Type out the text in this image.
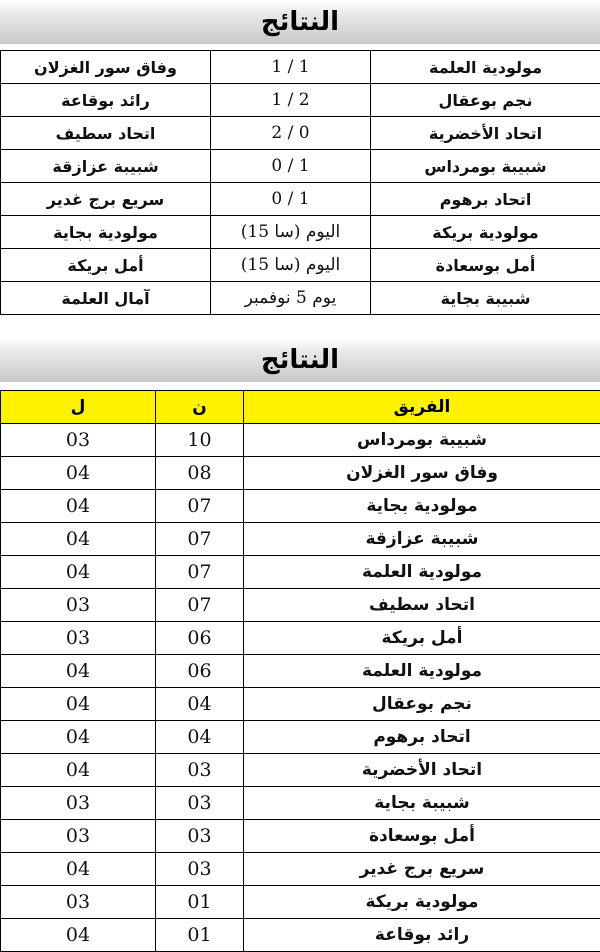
النتائج
وفاق سور الغزلان	1 / 1	مولودية العلمة
رائد بوقاعة	2 / 1	نجم بوعقال
اتحاد سطيف	0 / 2	اتحاد الأخضرية
شبيبة عزازقة	1 / 0	شبيبة بومرداس
سريع برج غدير	1 / 0	اتحاد برهوم
مولودية بجاية	اليوم (سا 15)	مولودية بريكة
أمل بريكة	اليوم (سا 15)	أمل بوسعادة
آمال العلمة	يوم 5 نوفمبر	شبيبة بجاية
النتائج
ل	ن	الفريق
03	10	شبيبة بومرداس
04	08	وفاق سور الغزلان
04	07	مولودية بجاية
04	07	شبيبة عزازقة
04	07	مولودية العلمة
03	07	اتحاد سطيف
03	06	أمل بريكة
04	06	مولودية العلمة
04	04	نجم بوعقال
04	04	اتحاد برهوم
04	03	اتحاد الأخضرية
03	03	شبيبة بجاية
03	03	أمل بوسعادة
04	03	سريع برج غدير
03	01	مولودية بريكة
04	01	رائد بوقاعة
